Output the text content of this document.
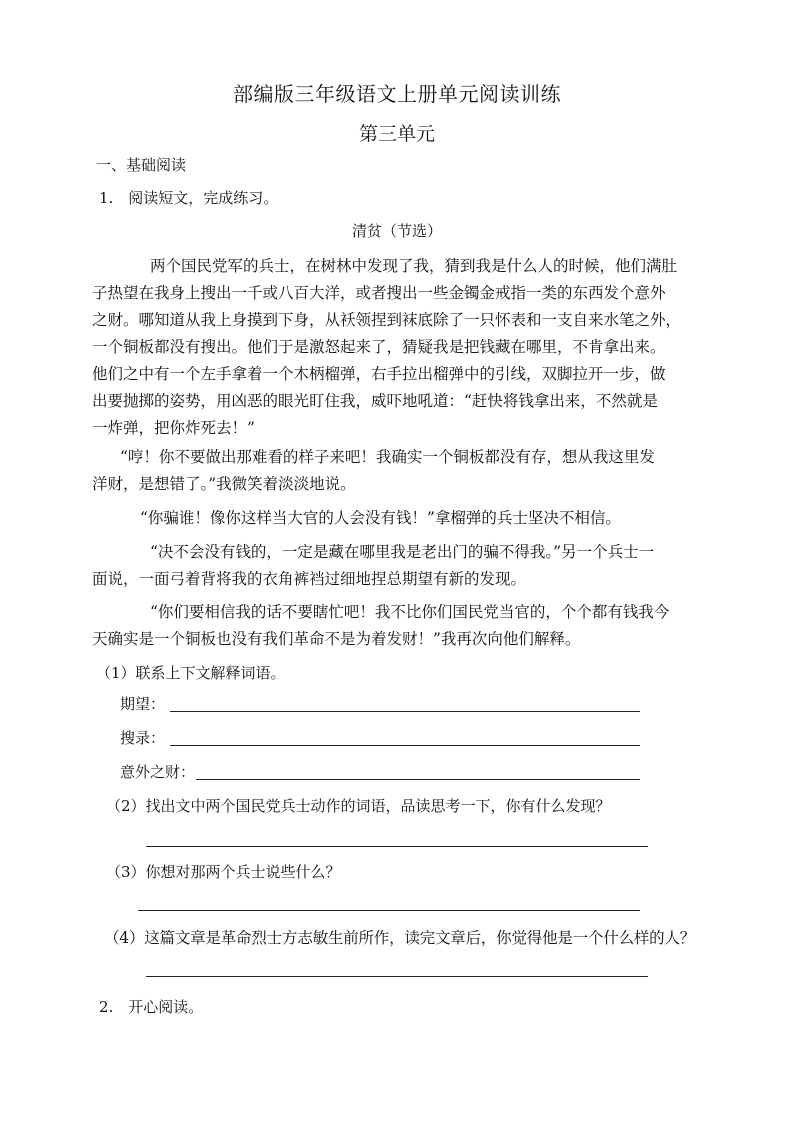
部编版三年级语文上册单元阅读训练
第三单元
一、基础阅读
1.　阅读短文，完成练习。
清贫（节选）
两个国民党军的兵士，在树林中发现了我，猜到我是什么人的时候，他们满肚
子热望在我身上搜出一千或八百大洋，或者搜出一些金镯金戒指一类的东西发个意外
之财。哪知道从我上身摸到下身，从袄领捏到袜底除了一只怀表和一支自来水笔之外，
一个铜板都没有搜出。他们于是激怒起来了，猜疑我是把钱藏在哪里，不肯拿出来。
他们之中有一个左手拿着一个木柄榴弹，右手拉出榴弹中的引线，双脚拉开一步，做
出要抛掷的姿势，用凶恶的眼光盯住我，威吓地吼道：“赶快将钱拿出来，不然就是
一炸弹，把你炸死去！”
“哼！你不要做出那难看的样子来吧！我确实一个铜板都没有存，想从我这里发
洋财，是想错了。”我微笑着淡淡地说。
“你骗谁！像你这样当大官的人会没有钱！”拿榴弹的兵士坚决不相信。
“决不会没有钱的，一定是藏在哪里我是老出门的骗不得我。”另一个兵士一
面说，一面弓着背将我的衣角裤裆过细地捏总期望有新的发现。
“你们要相信我的话不要瞎忙吧！我不比你们国民党当官的，个个都有钱我今
天确实是一个铜板也没有我们革命不是为着发财！”我再次向他们解释。
（1）联系上下文解释词语。
期望：
搜录：
意外之财：
（2）找出文中两个国民党兵士动作的词语，品读思考一下，你有什么发现？
（3）你想对那两个兵士说些什么？
（4）这篇文章是革命烈士方志敏生前所作，读完文章后，你觉得他是一个什么样的人？
2.　开心阅读。
